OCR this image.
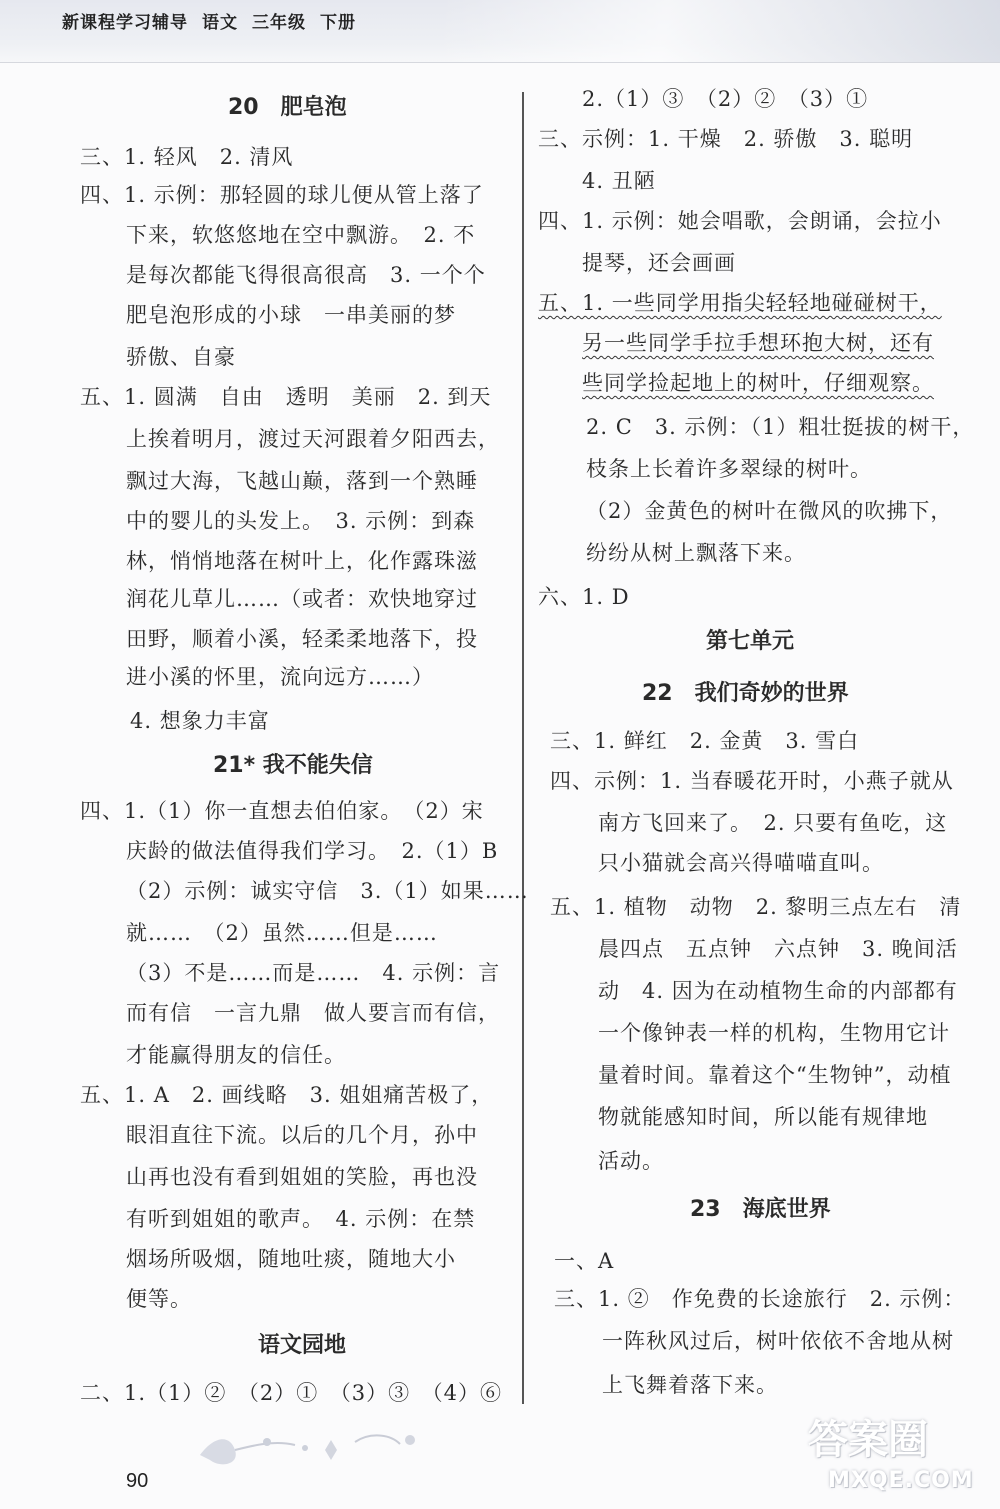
新课程学习辅导 语文 三年级 下册
20　肥皂泡
三、1. 轻风　2. 清风
四、1. 示例：那轻圆的球儿便从管上落了
下来，软悠悠地在空中飘游。　2. 不
是每次都能飞得很高很高　3. 一个个
肥皂泡形成的小球　一串美丽的梦
骄傲、自豪
五、1. 圆满　自由　透明　美丽　2. 到天
上挨着明月，渡过天河跟着夕阳西去，
飘过大海，飞越山巅，落到一个熟睡
中的婴儿的头发上。　3. 示例：到森
林，悄悄地落在树叶上，化作露珠滋
润花儿草儿……（或者：欢快地穿过
田野，顺着小溪，轻柔柔地落下，投
进小溪的怀里，流向远方……）
4. 想象力丰富
21* 我不能失信
四、1.（1）你一直想去伯伯家。　（2）宋
庆龄的做法值得我们学习。　2.（1）B
（2）示例：诚实守信　3.（1）如果……
就……　（2）虽然……但是……
（3）不是……而是……　4. 示例：言
而有信　一言九鼎　做人要言而有信，
才能赢得朋友的信任。
五、1. A　2. 画线略　3. 姐姐痛苦极了，
眼泪直往下流。以后的几个月，孙中
山再也没有看到姐姐的笑脸，再也没
有听到姐姐的歌声。　4. 示例：在禁
烟场所吸烟，随地吐痰，随地大小
便等。
语文园地
二、1.（1）②　（2）①　（3）③　（4）⑥
2.（1）③　（2）②　（3）①
三、示例：1. 干燥　2. 骄傲　3. 聪明
4. 丑陋
四、1. 示例：她会唱歌，会朗诵，会拉小
提琴，还会画画
五、1. 一些同学用指尖轻轻地碰碰树干，
另一些同学手拉手想环抱大树，还有
些同学捡起地上的树叶，仔细观察。
2. C　3. 示例：（1）粗壮挺拔的树干，
枝条上长着许多翠绿的树叶。
（2）金黄色的树叶在微风的吹拂下，
纷纷从树上飘落下来。
六、1. D
第七单元
22　我们奇妙的世界
三、1. 鲜红　2. 金黄　3. 雪白
四、示例：1. 当春暖花开时，小燕子就从
南方飞回来了。　2. 只要有鱼吃，这
只小猫就会高兴得喵喵直叫。
五、1. 植物　动物　2. 黎明三点左右　清
晨四点　五点钟　六点钟　3. 晚间活
动　4. 因为在动植物生命的内部都有
一个像钟表一样的机构，生物用它计
量着时间。靠着这个“生物钟”，动植
物就能感知时间，所以能有规律地
活动。
23　海底世界
一、A
三、1. ②　作免费的长途旅行　2. 示例：
一阵秋风过后，树叶依依不舍地从树
上飞舞着落下来。
90
答案圈
MXQE.COM
